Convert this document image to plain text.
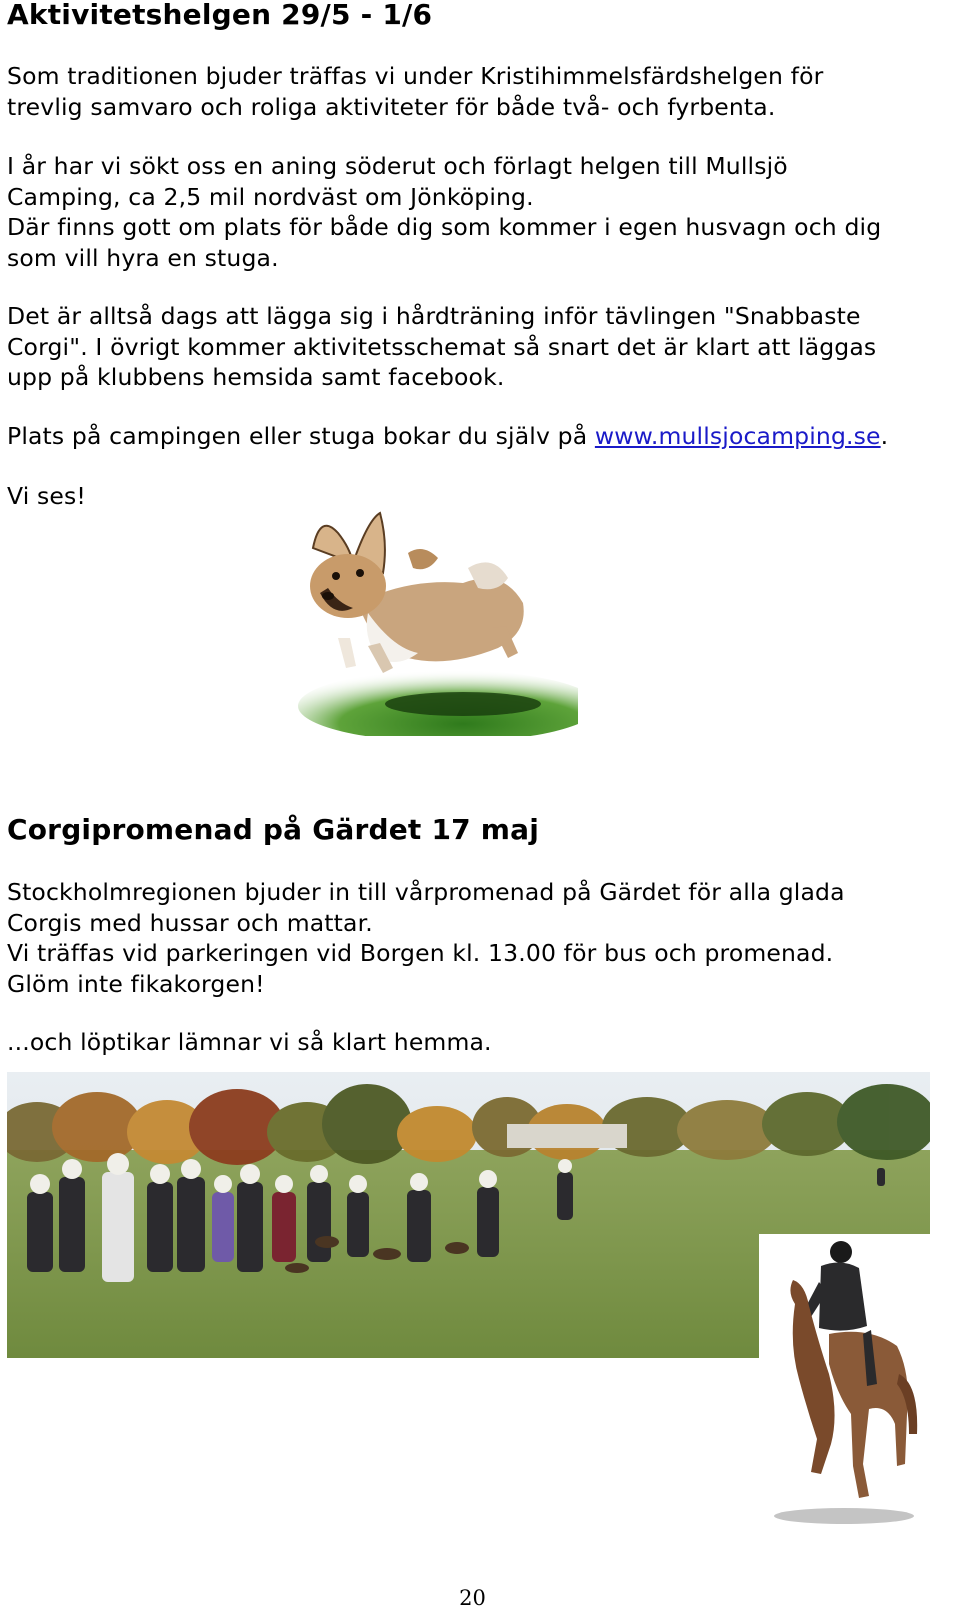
Aktivitetshelgen 29/5 - 1/6
Som traditionen bjuder träffas vi under Kristihimmelsfärdshelgen för
trevlig samvaro och roliga aktiviteter för både två- och fyrbenta.
I år har vi sökt oss en aning söderut och förlagt helgen till Mullsjö
Camping, ca 2,5 mil nordväst om Jönköping.
Där finns gott om plats för både dig som kommer i egen husvagn och dig
som vill hyra en stuga.
Det är alltså dags att lägga sig i hårdträning inför tävlingen "Snabbaste
Corgi". I övrigt kommer aktivitetsschemat så snart det är klart att läggas
upp på klubbens hemsida samt facebook.
Plats på campingen eller stuga bokar du själv på www.mullsjocamping.se.
Vi ses!
Corgipromenad på Gärdet 17 maj
Stockholmregionen bjuder in till vårpromenad på Gärdet för alla glada
Corgis med hussar och mattar.
Vi träffas vid parkeringen vid Borgen kl. 13.00 för bus och promenad.
Glöm inte fikakorgen!
...och löptikar lämnar vi så klart hemma.
20
